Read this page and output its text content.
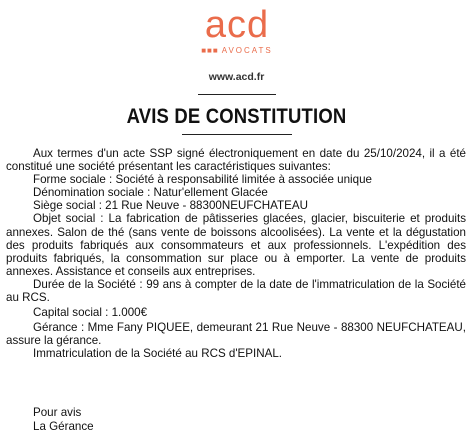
acd
■■■ AVOCATS
www.acd.fr
AVIS DE CONSTITUTION

Aux termes d'un acte SSP signé électroniquement en date du 25/10/2024, il a été constitué une société présentant les caractéristiques suivantes:

Forme sociale : Société à responsabilité limitée à associée unique

Dénomination sociale : Natur'ellement Glacée

Siège social : 21 Rue Neuve - 88300NEUFCHATEAU

Objet social : La fabrication de pâtisseries glacées, glacier, biscuiterie et produits annexes. Salon de thé (sans vente de boissons alcoolisées). La vente et la dégustation des produits fabriqués aux consommateurs et aux professionnels. L'expédition des produits fabriqués, la consommation sur place ou à emporter. La vente de produits annexes. Assistance et conseils aux entreprises.

Durée de la Société : 99 ans à compter de la date de l'immatriculation de la Société au RCS.

Capital social : 1.000€

Gérance : Mme Fany PIQUEE, demeurant 21 Rue Neuve - 88300 NEUFCHATEAU, assure la gérance.

Immatriculation de la Société au RCS d'EPINAL.

Pour avis
La Gérance
